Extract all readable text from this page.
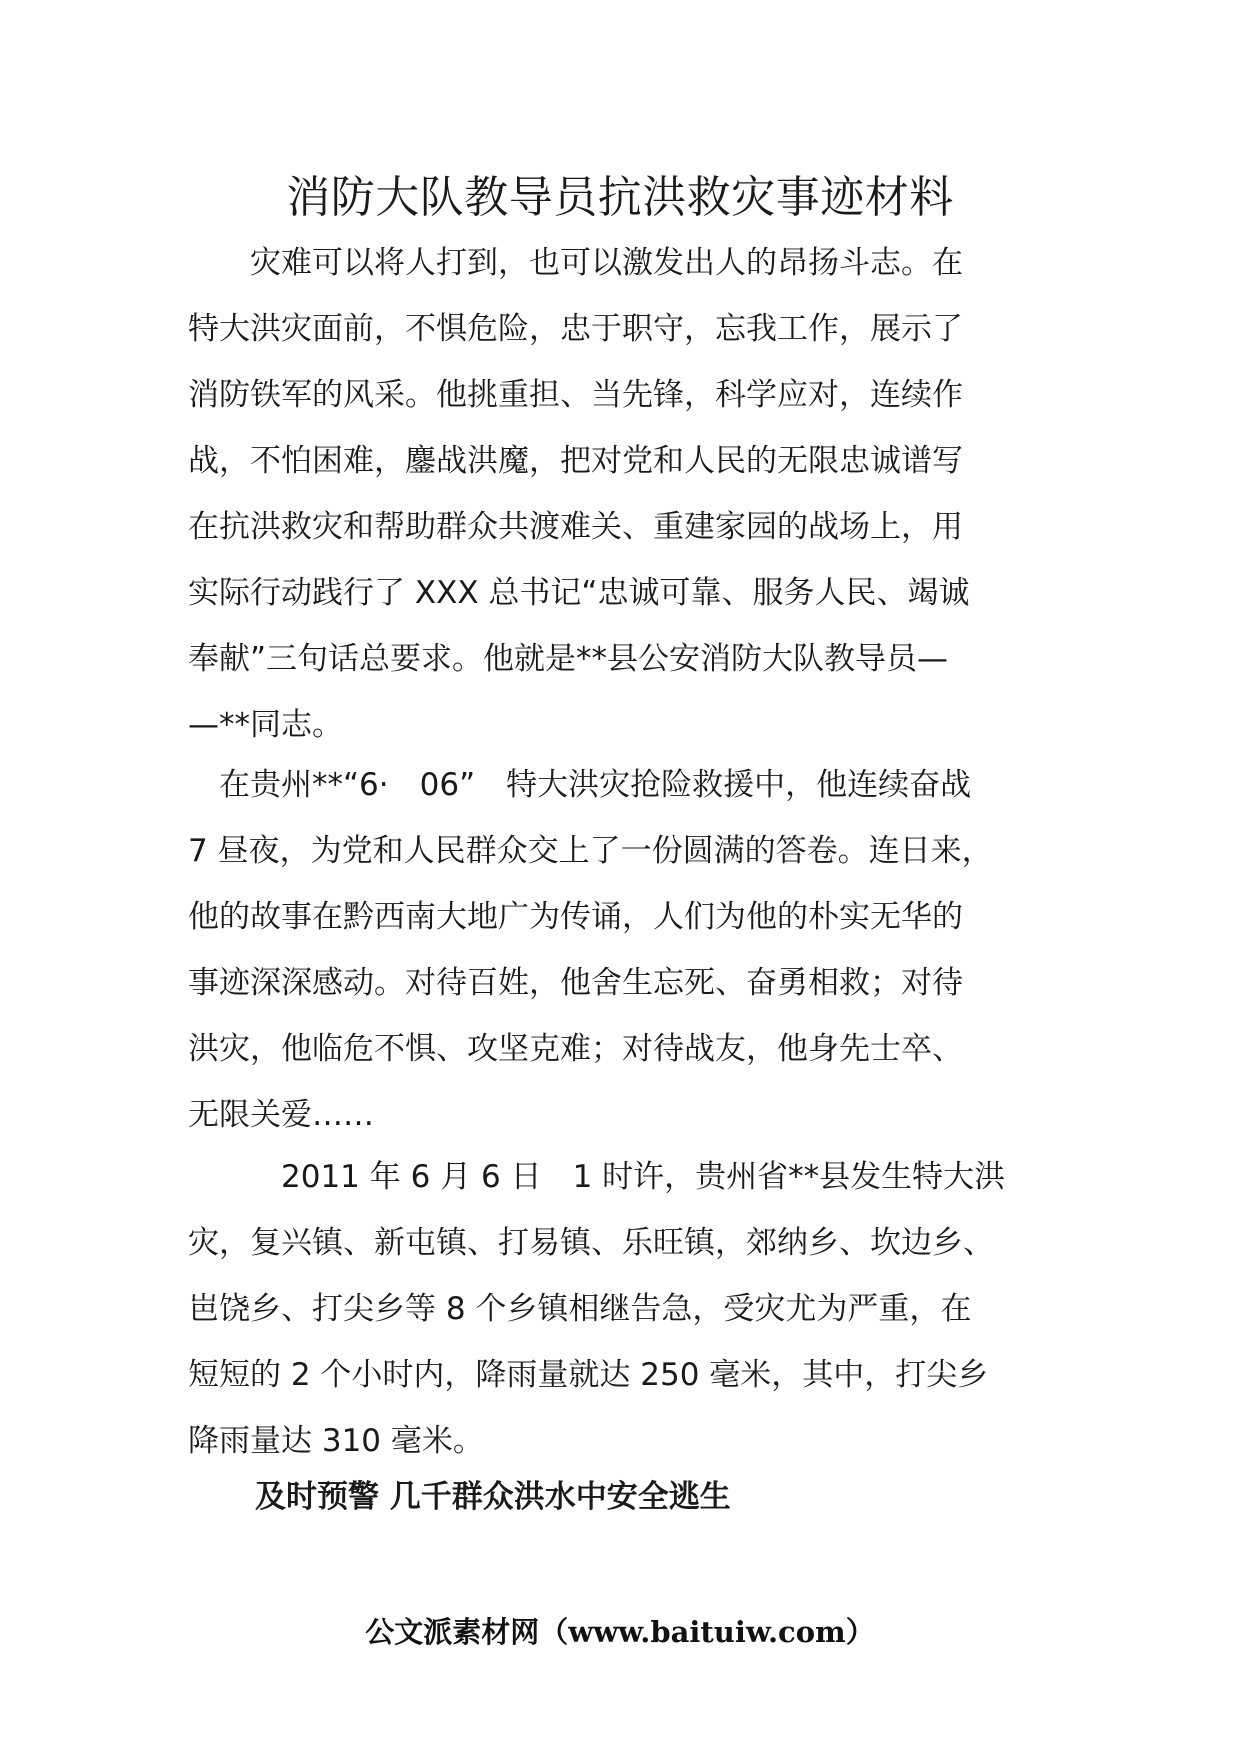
消防大队教导员抗洪救灾事迹材料
　　灾难可以将人打到，也可以激发出人的昂扬斗志。在
特大洪灾面前，不惧危险，忠于职守，忘我工作，展示了
消防铁军的风采。他挑重担、当先锋，科学应对，连续作
战，不怕困难，鏖战洪魔，把对党和人民的无限忠诚谱写
在抗洪救灾和帮助群众共渡难关、重建家园的战场上，用
实际行动践行了 XXX 总书记“忠诚可靠、服务人民、竭诚
奉献”三句话总要求。他就是**县公安消防大队教导员—
—**同志。
　在贵州**“6·　06”　特大洪灾抢险救援中，他连续奋战
7 昼夜，为党和人民群众交上了一份圆满的答卷。连日来，
他的故事在黔西南大地广为传诵，人们为他的朴实无华的
事迹深深感动。对待百姓，他舍生忘死、奋勇相救；对待
洪灾，他临危不惧、攻坚克难；对待战友，他身先士卒、
无限关爱……
　　　2011 年 6 月 6 日　1 时许，贵州省**县发生特大洪
灾，复兴镇、新屯镇、打易镇、乐旺镇，郊纳乡、坎边乡、
岜饶乡、打尖乡等 8 个乡镇相继告急，受灾尤为严重，在
短短的 2 个小时内，降雨量就达 250 毫米，其中，打尖乡
降雨量达 310 毫米。
及时预警 几千群众洪水中安全逃生
公文派素材网（www.baituiw.com）
